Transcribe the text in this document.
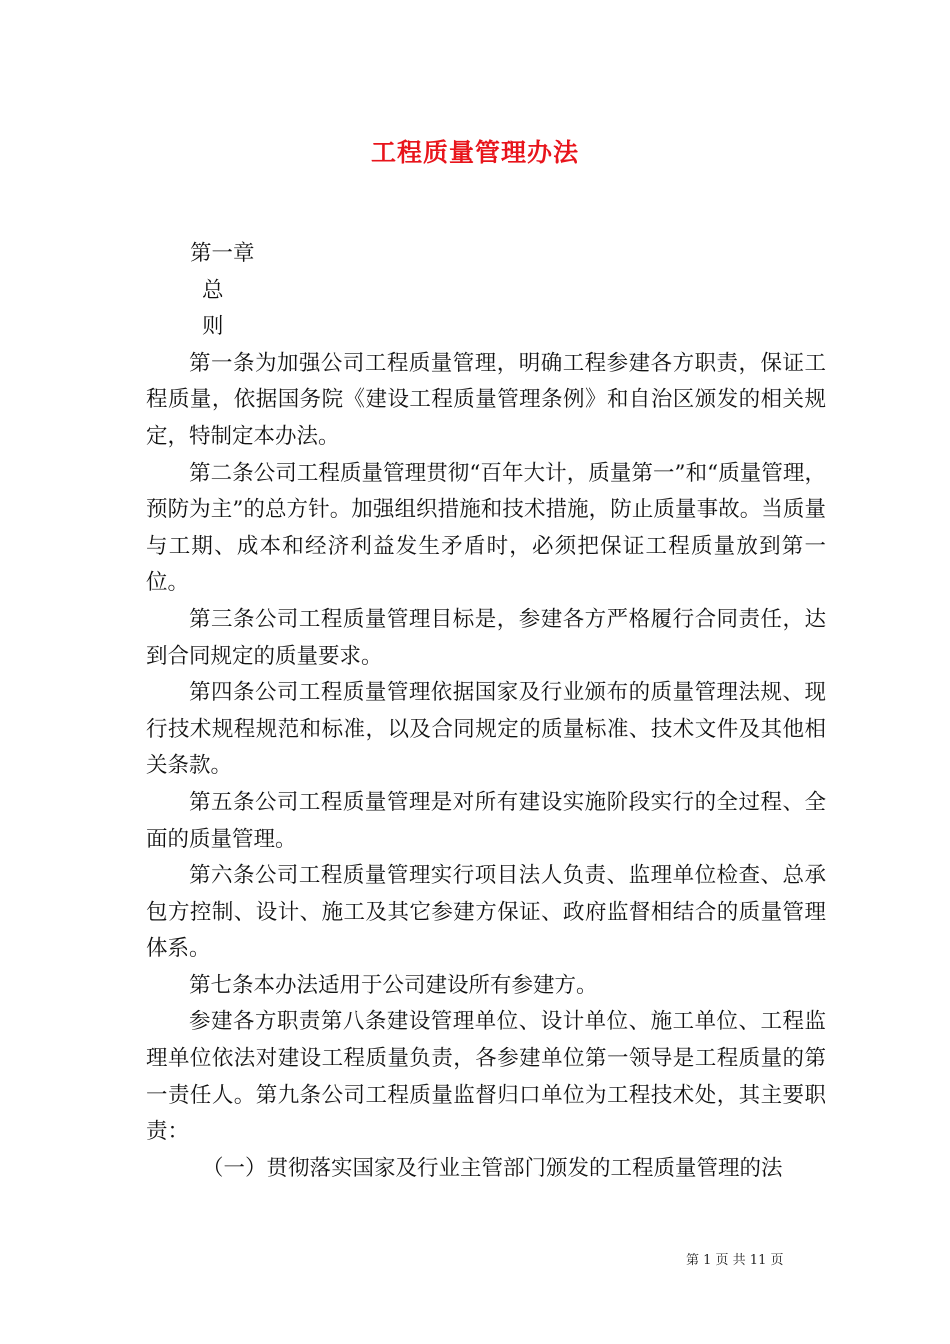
工程质量管理办法

第一章

总

则

第一条为加强公司工程质量管理，明确工程参建各方职责，保证工程质量，依据国务院《建设工程质量管理条例》和自治区颁发的相关规定，特制定本办法。

第二条公司工程质量管理贯彻“百年大计，质量第一”和“质量管理，预防为主”的总方针。加强组织措施和技术措施，防止质量事故。当质量与工期、成本和经济利益发生矛盾时，必须把保证工程质量放到第一位。

第三条公司工程质量管理目标是，参建各方严格履行合同责任，达到合同规定的质量要求。

第四条公司工程质量管理依据国家及行业颁布的质量管理法规、现行技术规程规范和标准，以及合同规定的质量标准、技术文件及其他相关条款。

第五条公司工程质量管理是对所有建设实施阶段实行的全过程、全面的质量管理。

第六条公司工程质量管理实行项目法人负责、监理单位检查、总承包方控制、设计、施工及其它参建方保证、政府监督相结合的质量管理体系。

第七条本办法适用于公司建设所有参建方。

参建各方职责第八条建设管理单位、设计单位、施工单位、工程监理单位依法对建设工程质量负责，各参建单位第一领导是工程质量的第一责任人。第九条公司工程质量监督归口单位为工程技术处，其主要职责：

（一）贯彻落实国家及行业主管部门颁发的工程质量管理的法

第 1 页 共 11 页
